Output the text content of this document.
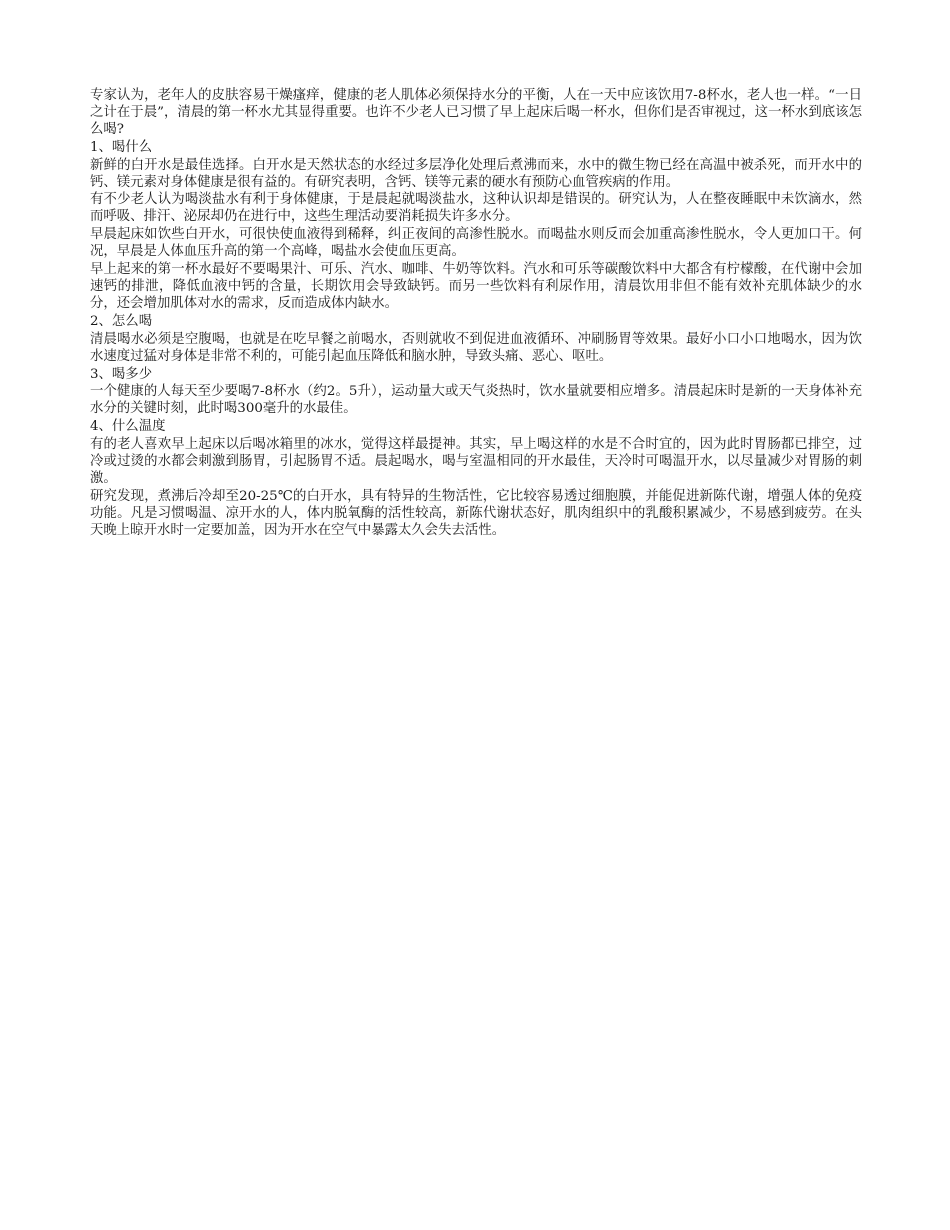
专家认为，老年人的皮肤容易干燥瘙痒，健康的老人肌体必须保持水分的平衡，人在一天中应该饮用7-8杯水，老人也一样。“一日之计在于晨”，清晨的第一杯水尤其显得重要。也许不少老人已习惯了早上起床后喝一杯水，但你们是否审视过，这一杯水到底该怎么喝?

1、喝什么

新鲜的白开水是最佳选择。白开水是天然状态的水经过多层净化处理后煮沸而来，水中的微生物已经在高温中被杀死，而开水中的钙、镁元素对身体健康是很有益的。有研究表明，含钙、镁等元素的硬水有预防心血管疾病的作用。

有不少老人认为喝淡盐水有利于身体健康，于是晨起就喝淡盐水，这种认识却是错误的。研究认为，人在整夜睡眠中未饮滴水，然而呼吸、排汗、泌尿却仍在进行中，这些生理活动要消耗损失许多水分。

早晨起床如饮些白开水，可很快使血液得到稀释，纠正夜间的高渗性脱水。而喝盐水则反而会加重高渗性脱水，令人更加口干。何况，早晨是人体血压升高的第一个高峰，喝盐水会使血压更高。

早上起来的第一杯水最好不要喝果汁、可乐、汽水、咖啡、牛奶等饮料。汽水和可乐等碳酸饮料中大都含有柠檬酸，在代谢中会加速钙的排泄，降低血液中钙的含量，长期饮用会导致缺钙。而另一些饮料有利尿作用，清晨饮用非但不能有效补充肌体缺少的水分，还会增加肌体对水的需求，反而造成体内缺水。

2、怎么喝

清晨喝水必须是空腹喝，也就是在吃早餐之前喝水，否则就收不到促进血液循环、冲刷肠胃等效果。最好小口小口地喝水，因为饮水速度过猛对身体是非常不利的，可能引起血压降低和脑水肿，导致头痛、恶心、呕吐。

3、喝多少

一个健康的人每天至少要喝7-8杯水（约2。5升），运动量大或天气炎热时，饮水量就要相应增多。清晨起床时是新的一天身体补充水分的关键时刻，此时喝300毫升的水最佳。

4、什么温度

有的老人喜欢早上起床以后喝冰箱里的冰水，觉得这样最提神。其实，早上喝这样的水是不合时宜的，因为此时胃肠都已排空，过冷或过烫的水都会刺激到肠胃，引起肠胃不适。晨起喝水，喝与室温相同的开水最佳，天冷时可喝温开水，以尽量减少对胃肠的刺激。

研究发现，煮沸后冷却至20-25℃的白开水，具有特异的生物活性，它比较容易透过细胞膜，并能促进新陈代谢，增强人体的免疫功能。凡是习惯喝温、凉开水的人，体内脱氧酶的活性较高，新陈代谢状态好，肌肉组织中的乳酸积累减少，不易感到疲劳。在头天晚上晾开水时一定要加盖，因为开水在空气中暴露太久会失去活性。
